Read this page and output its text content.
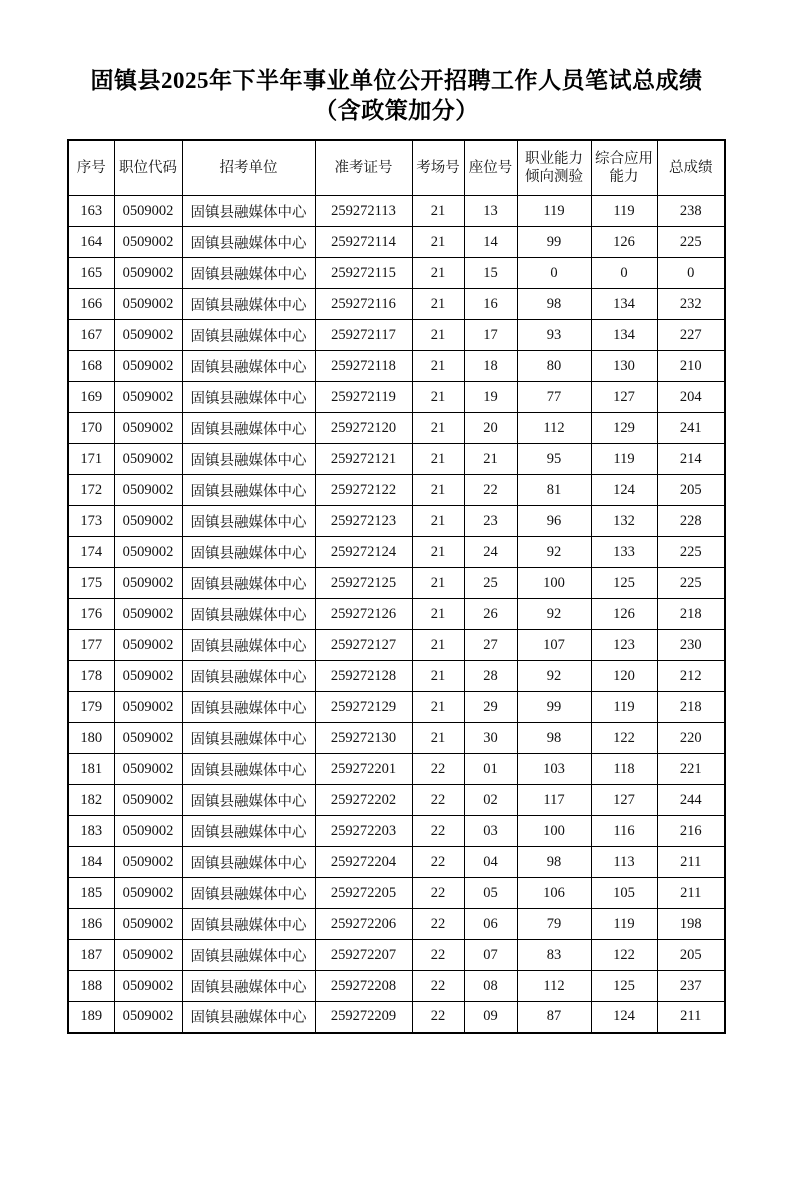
固镇县2025年下半年事业单位公开招聘工作人员笔试总成绩
（含政策加分）
序号	职位代码	招考单位	准考证号	考场号	座位号	职业能力倾向测验	综合应用能力	总成绩
163	0509002	固镇县融媒体中心	259272113	21	13	119	119	238
164	0509002	固镇县融媒体中心	259272114	21	14	99	126	225
165	0509002	固镇县融媒体中心	259272115	21	15	0	0	0
166	0509002	固镇县融媒体中心	259272116	21	16	98	134	232
167	0509002	固镇县融媒体中心	259272117	21	17	93	134	227
168	0509002	固镇县融媒体中心	259272118	21	18	80	130	210
169	0509002	固镇县融媒体中心	259272119	21	19	77	127	204
170	0509002	固镇县融媒体中心	259272120	21	20	112	129	241
171	0509002	固镇县融媒体中心	259272121	21	21	95	119	214
172	0509002	固镇县融媒体中心	259272122	21	22	81	124	205
173	0509002	固镇县融媒体中心	259272123	21	23	96	132	228
174	0509002	固镇县融媒体中心	259272124	21	24	92	133	225
175	0509002	固镇县融媒体中心	259272125	21	25	100	125	225
176	0509002	固镇县融媒体中心	259272126	21	26	92	126	218
177	0509002	固镇县融媒体中心	259272127	21	27	107	123	230
178	0509002	固镇县融媒体中心	259272128	21	28	92	120	212
179	0509002	固镇县融媒体中心	259272129	21	29	99	119	218
180	0509002	固镇县融媒体中心	259272130	21	30	98	122	220
181	0509002	固镇县融媒体中心	259272201	22	01	103	118	221
182	0509002	固镇县融媒体中心	259272202	22	02	117	127	244
183	0509002	固镇县融媒体中心	259272203	22	03	100	116	216
184	0509002	固镇县融媒体中心	259272204	22	04	98	113	211
185	0509002	固镇县融媒体中心	259272205	22	05	106	105	211
186	0509002	固镇县融媒体中心	259272206	22	06	79	119	198
187	0509002	固镇县融媒体中心	259272207	22	07	83	122	205
188	0509002	固镇县融媒体中心	259272208	22	08	112	125	237
189	0509002	固镇县融媒体中心	259272209	22	09	87	124	211
